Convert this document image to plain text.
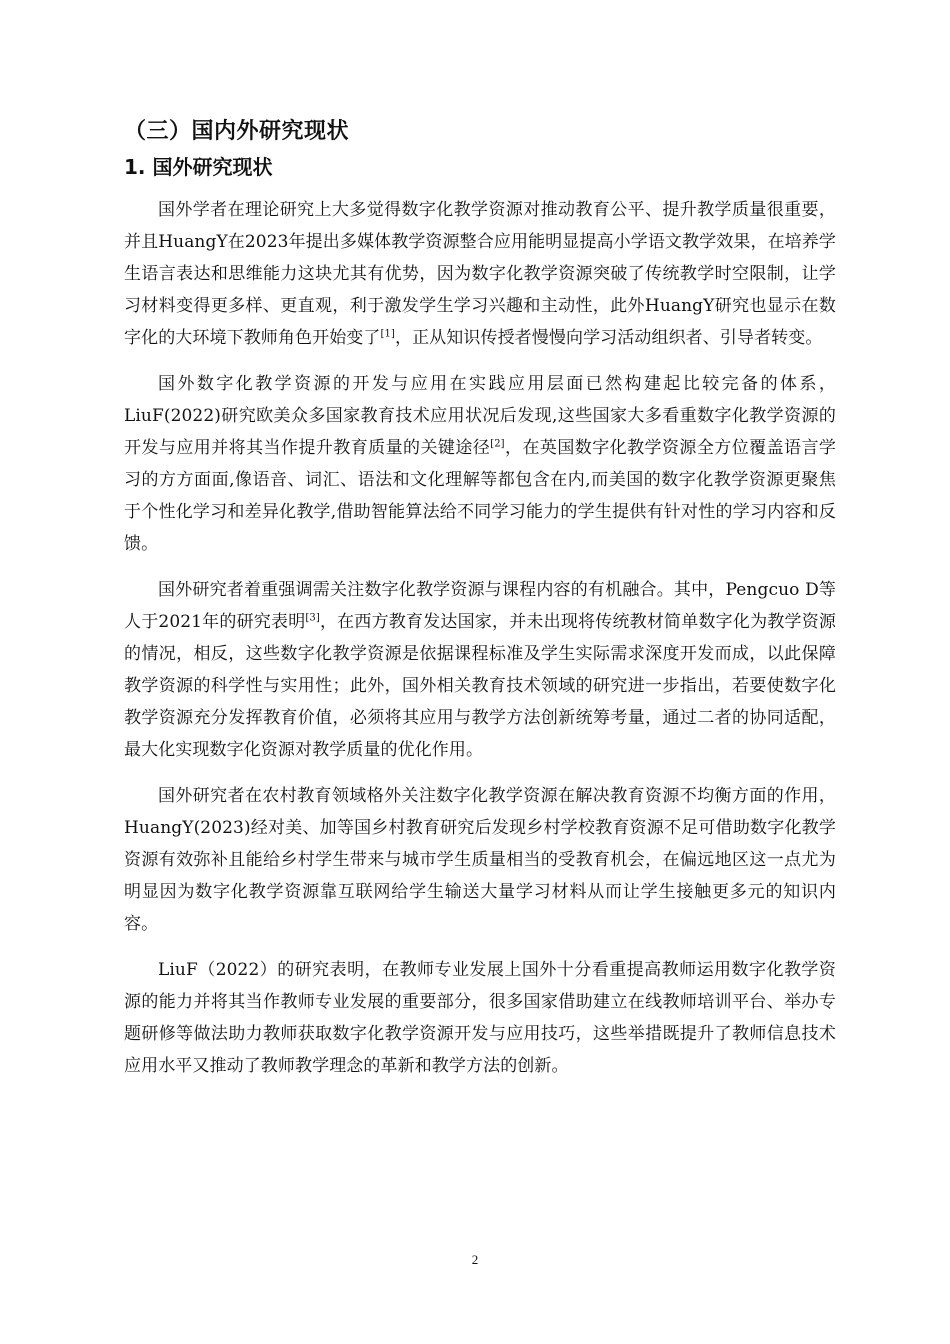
（三）国内外研究现状
1. 国外研究现状

国外学者在理论研究上大多觉得数字化教学资源对推动教育公平、提升教学质量很重要，并且HuangY在2023年提出多媒体教学资源整合应用能明显提高小学语文教学效果，在培养学生语言表达和思维能力这块尤其有优势，因为数字化教学资源突破了传统教学时空限制，让学习材料变得更多样、更直观，利于激发学生学习兴趣和主动性，此外HuangY研究也显示在数字化的大环境下教师角色开始变了[1]，正从知识传授者慢慢向学习活动组织者、引导者转变。

国外数字化教学资源的开发与应用在实践应用层面已然构建起比较完备的体系，LiuF(2022)研究欧美众多国家教育技术应用状况后发现,这些国家大多看重数字化教学资源的开发与应用并将其当作提升教育质量的关键途径[2]，在英国数字化教学资源全方位覆盖语言学习的方方面面,像语音、词汇、语法和文化理解等都包含在内,而美国的数字化教学资源更聚焦于个性化学习和差异化教学,借助智能算法给不同学习能力的学生提供有针对性的学习内容和反馈。

国外研究者着重强调需关注数字化教学资源与课程内容的有机融合。其中，Pengcuo D等人于2021年的研究表明[3]，在西方教育发达国家，并未出现将传统教材简单数字化为教学资源的情况，相反，这些数字化教学资源是依据课程标准及学生实际需求深度开发而成，以此保障教学资源的科学性与实用性；此外，国外相关教育技术领域的研究进一步指出，若要使数字化教学资源充分发挥教育价值，必须将其应用与教学方法创新统筹考量，通过二者的协同适配，最大化实现数字化资源对教学质量的优化作用。

国外研究者在农村教育领域格外关注数字化教学资源在解决教育资源不均衡方面的作用，HuangY(2023)经对美、加等国乡村教育研究后发现乡村学校教育资源不足可借助数字化教学资源有效弥补且能给乡村学生带来与城市学生质量相当的受教育机会，在偏远地区这一点尤为明显因为数字化教学资源靠互联网给学生输送大量学习材料从而让学生接触更多元的知识内容。

LiuF（2022）的研究表明，在教师专业发展上国外十分看重提高教师运用数字化教学资源的能力并将其当作教师专业发展的重要部分，很多国家借助建立在线教师培训平台、举办专题研修等做法助力教师获取数字化教学资源开发与应用技巧，这些举措既提升了教师信息技术应用水平又推动了教师教学理念的革新和教学方法的创新。

2
